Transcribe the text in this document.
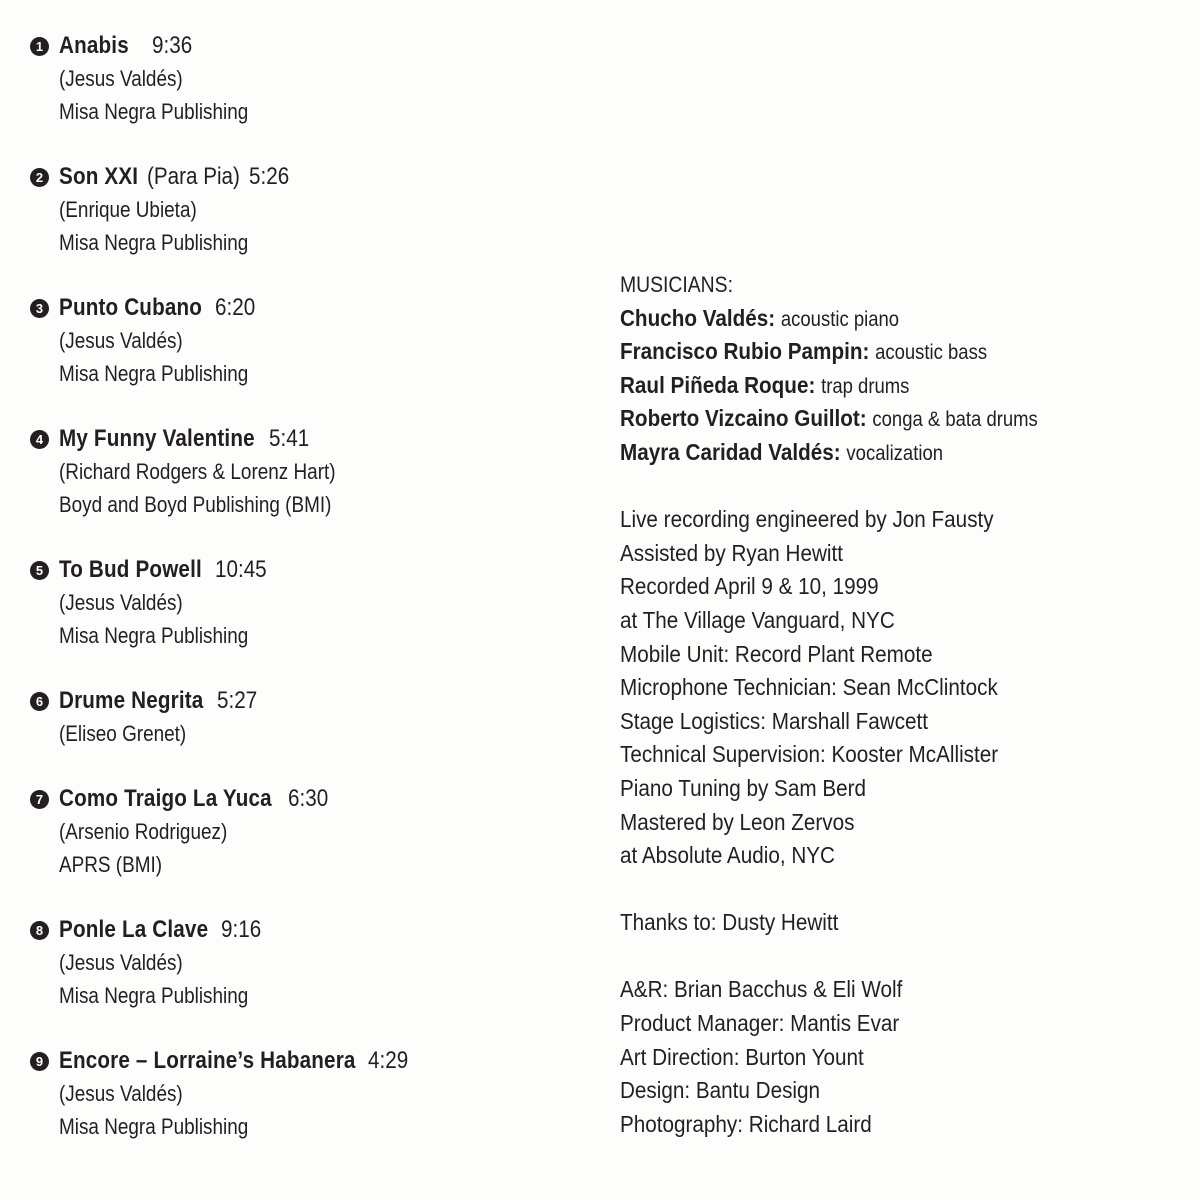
1 Anabis 9:36
(Jesus Valdés)
Misa Negra Publishing
2 Son XXI (Para Pia) 5:26
(Enrique Ubieta)
Misa Negra Publishing
3 Punto Cubano 6:20
(Jesus Valdés)
Misa Negra Publishing
4 My Funny Valentine 5:41
(Richard Rodgers & Lorenz Hart)
Boyd and Boyd Publishing (BMI)
5 To Bud Powell 10:45
(Jesus Valdés)
Misa Negra Publishing
6 Drume Negrita 5:27
(Eliseo Grenet)
7 Como Traigo La Yuca 6:30
(Arsenio Rodriguez)
APRS (BMI)
8 Ponle La Clave 9:16
(Jesus Valdés)
Misa Negra Publishing
9 Encore – Lorraine’s Habanera 4:29
(Jesus Valdés)
Misa Negra Publishing
MUSICIANS:
Chucho Valdés: acoustic piano
Francisco Rubio Pampin: acoustic bass
Raul Piñeda Roque: trap drums
Roberto Vizcaino Guillot: conga & bata drums
Mayra Caridad Valdés: vocalization
Live recording engineered by Jon Fausty
Assisted by Ryan Hewitt
Recorded April 9 & 10, 1999
at The Village Vanguard, NYC
Mobile Unit: Record Plant Remote
Microphone Technician: Sean McClintock
Stage Logistics: Marshall Fawcett
Technical Supervision: Kooster McAllister
Piano Tuning by Sam Berd
Mastered by Leon Zervos
at Absolute Audio, NYC
Thanks to: Dusty Hewitt
A&R: Brian Bacchus & Eli Wolf
Product Manager: Mantis Evar
Art Direction: Burton Yount
Design: Bantu Design
Photography: Richard Laird
